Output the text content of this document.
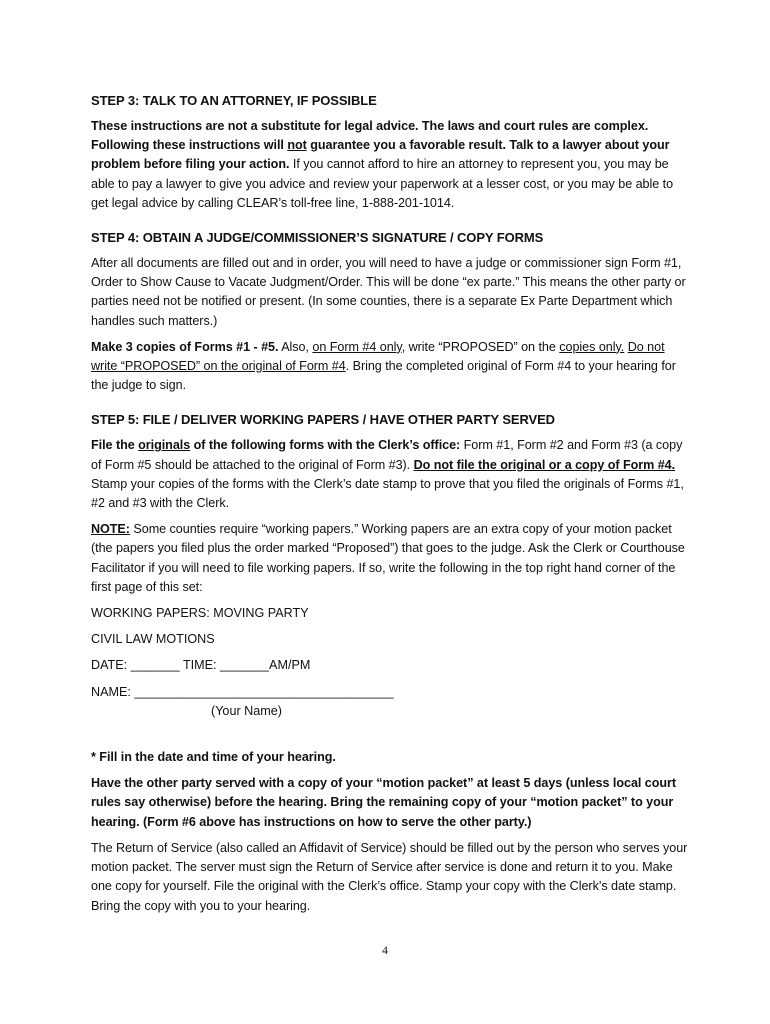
STEP 3: TALK TO AN ATTORNEY, IF POSSIBLE

These instructions are not a substitute for legal advice. The laws and court rules are complex. Following these instructions will not guarantee you a favorable result. Talk to a lawyer about your problem before filing your action. If you cannot afford to hire an attorney to represent you, you may be able to pay a lawyer to give you advice and review your paperwork at a lesser cost, or you may be able to get legal advice by calling CLEAR’s toll-free line, 1-888-201-1014.

STEP 4: OBTAIN A JUDGE/COMMISSIONER’S SIGNATURE / COPY FORMS

After all documents are filled out and in order, you will need to have a judge or commissioner sign Form #1, Order to Show Cause to Vacate Judgment/Order. This will be done “ex parte.” This means the other party or parties need not be notified or present. (In some counties, there is a separate Ex Parte Department which handles such matters.)

Make 3 copies of Forms #1 - #5. Also, on Form #4 only, write “PROPOSED” on the copies only. Do not write “PROPOSED” on the original of Form #4. Bring the completed original of Form #4 to your hearing for the judge to sign.

STEP 5: FILE / DELIVER WORKING PAPERS / HAVE OTHER PARTY SERVED

File the originals of the following forms with the Clerk’s office: Form #1, Form #2 and Form #3 (a copy of Form #5 should be attached to the original of Form #3). Do not file the original or a copy of Form #4. Stamp your copies of the forms with the Clerk’s date stamp to prove that you filed the originals of Forms #1, #2 and #3 with the Clerk.

NOTE: Some counties require “working papers.” Working papers are an extra copy of your motion packet (the papers you filed plus the order marked “Proposed”) that goes to the judge. Ask the Clerk or Courthouse Facilitator if you will need to file working papers. If so, write the following in the top right hand corner of the first page of this set:

WORKING PAPERS: MOVING PARTY
CIVIL LAW MOTIONS
DATE: _______ TIME: _______AM/PM
NAME: _____________________________________
(Your Name)

* Fill in the date and time of your hearing.

Have the other party served with a copy of your “motion packet” at least 5 days (unless local court rules say otherwise) before the hearing. Bring the remaining copy of your “motion packet” to your hearing. (Form #6 above has instructions on how to serve the other party.)

The Return of Service (also called an Affidavit of Service) should be filled out by the person who serves your motion packet. The server must sign the Return of Service after service is done and return it to you. Make one copy for yourself. File the original with the Clerk’s office. Stamp your copy with the Clerk’s date stamp. Bring the copy with you to your hearing.

4
